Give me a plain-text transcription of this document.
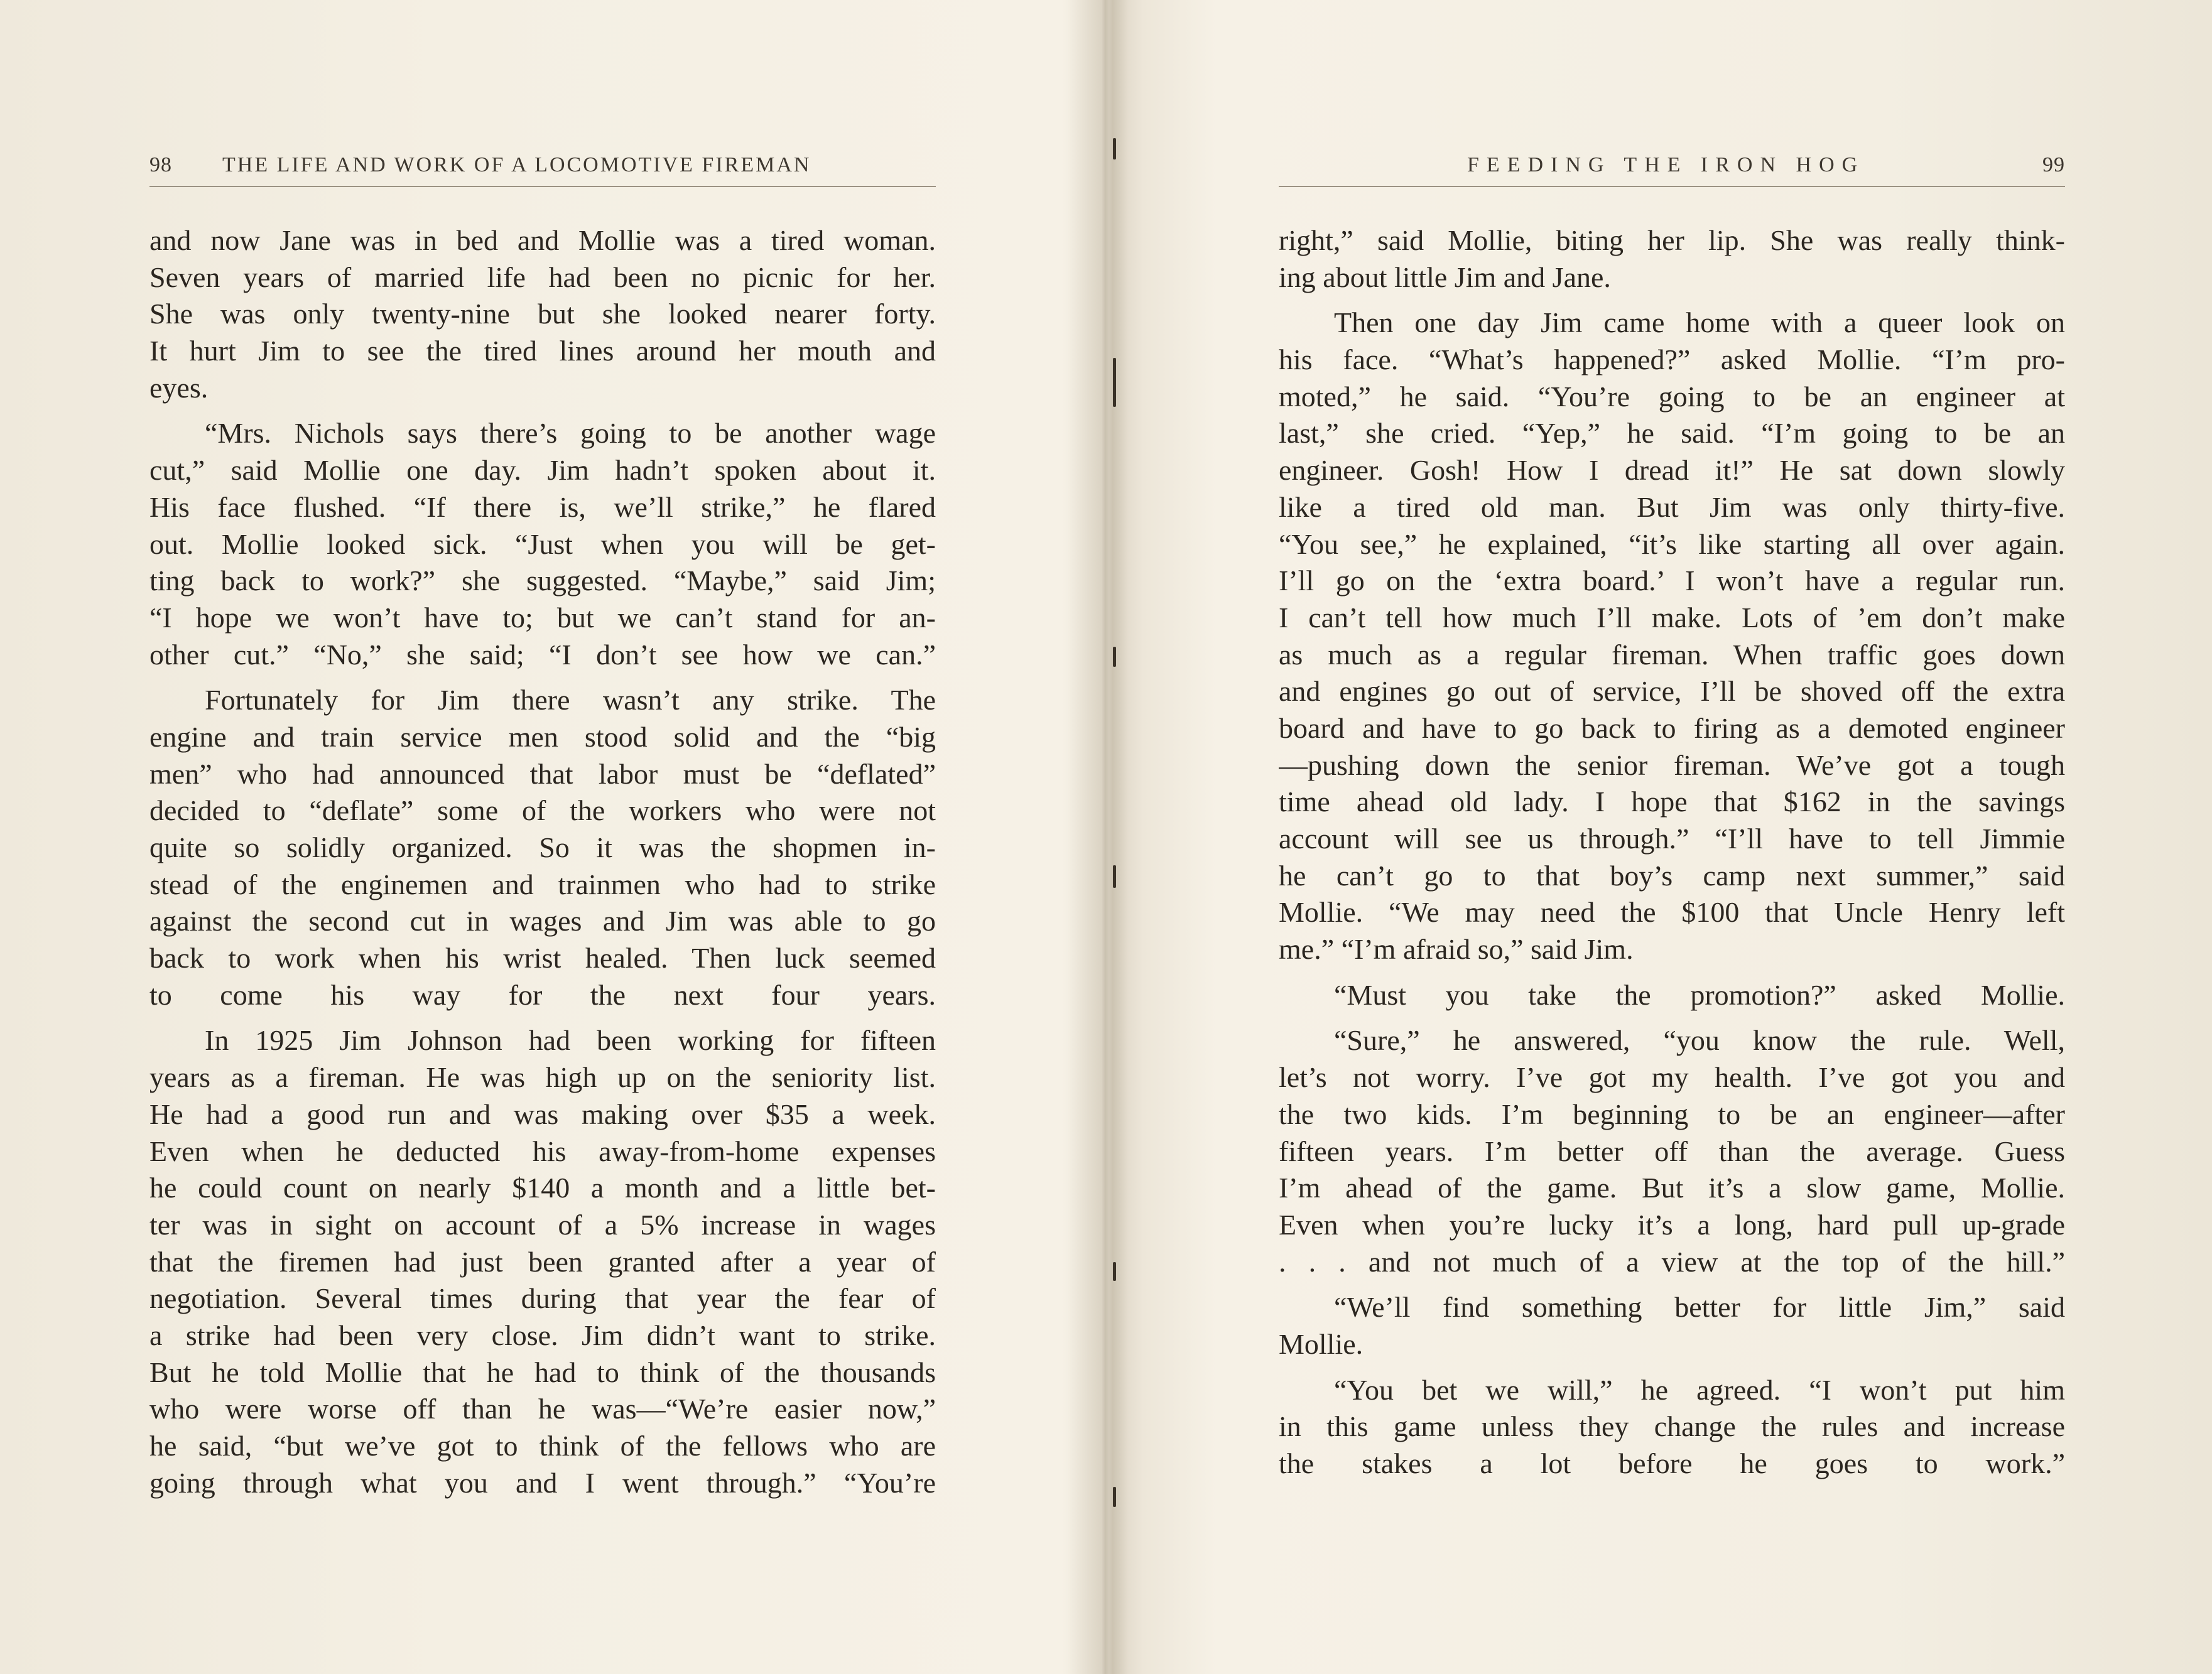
98 THE LIFE AND WORK OF A LOCOMOTIVE FIREMAN
and now Jane was in bed and Mollie was a tired woman.
Seven years of married life had been no picnic for her.
She was only twenty-nine but she looked nearer forty.
It hurt Jim to see the tired lines around her mouth and
eyes.
“Mrs. Nichols says there’s going to be another wage
cut,” said Mollie one day. Jim hadn’t spoken about it.
His face flushed. “If there is, we’ll strike,” he flared
out. Mollie looked sick. “Just when you will be get-
ting back to work?” she suggested. “Maybe,” said Jim;
“I hope we won’t have to; but we can’t stand for an-
other cut.” “No,” she said; “I don’t see how we can.”
Fortunately for Jim there wasn’t any strike. The
engine and train service men stood solid and the “big
men” who had announced that labor must be “deflated”
decided to “deflate” some of the workers who were not
quite so solidly organized. So it was the shopmen in-
stead of the enginemen and trainmen who had to strike
against the second cut in wages and Jim was able to go
back to work when his wrist healed. Then luck seemed
to come his way for the next four years.
In 1925 Jim Johnson had been working for fifteen
years as a fireman. He was high up on the seniority list.
He had a good run and was making over $35 a week.
Even when he deducted his away-from-home expenses
he could count on nearly $140 a month and a little bet-
ter was in sight on account of a 5% increase in wages
that the firemen had just been granted after a year of
negotiation. Several times during that year the fear of
a strike had been very close. Jim didn’t want to strike.
But he told Mollie that he had to think of the thousands
who were worse off than he was—“We’re easier now,”
he said, “but we’ve got to think of the fellows who are
going through what you and I went through.” “You’re
FEEDING THE IRON HOG	99
right,” said Mollie, biting her lip. She was really think-
ing about little Jim and Jane.
Then one day Jim came home with a queer look on
his face. “What’s happened?” asked Mollie. “I’m pro-
moted,” he said. “You’re going to be an engineer at
last,” she cried. “Yep,” he said. “I’m going to be an
engineer. Gosh! How I dread it!” He sat down slowly
like a tired old man. But Jim was only thirty-five.
“You see,” he explained, “it’s like starting all over again.
I’ll go on the ‘extra board.’ I won’t have a regular run.
I can’t tell how much I’ll make. Lots of ’em don’t make
as much as a regular fireman. When traffic goes down
and engines go out of service, I’ll be shoved off the extra
board and have to go back to firing as a demoted engineer
—pushing down the senior fireman. We’ve got a tough
time ahead old lady. I hope that $162 in the savings
account will see us through.” “I’ll have to tell Jimmie
he can’t go to that boy’s camp next summer,” said
Mollie. “We may need the $100 that Uncle Henry left
me.” “I’m afraid so,” said Jim.
“Must you take the promotion?” asked Mollie.
“Sure,” he answered, “you know the rule. Well,
let’s not worry. I’ve got my health. I’ve got you and
the two kids. I’m beginning to be an engineer—after
fifteen years. I’m better off than the average. Guess
I’m ahead of the game. But it’s a slow game, Mollie.
Even when you’re lucky it’s a long, hard pull up-grade
. . . and not much of a view at the top of the hill.”
“We’ll find something better for little Jim,” said
Mollie.
“You bet we will,” he agreed. “I won’t put him
in this game unless they change the rules and increase
the stakes a lot before he goes to work.”
